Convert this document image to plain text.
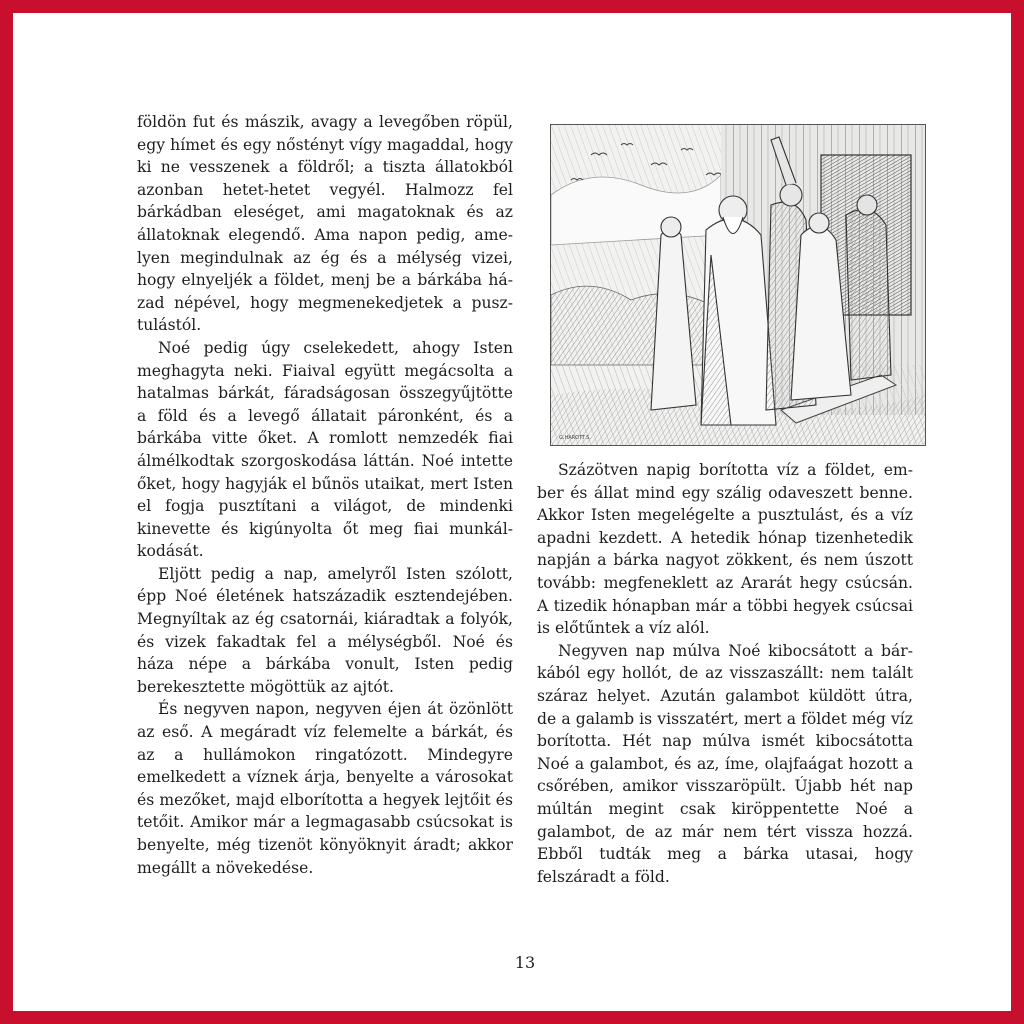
földön fut és mászik, avagy a levegőben röpül, egy hímet és egy nőstényt vígy magaddal, hogy ki ne vesszenek a földről; a tiszta állatokból azonban hetet-hetet vegyél. Halmozz fel bárkádban eleséget, ami magatoknak és az állatoknak elegendő. Ama napon pedig, amelyen megindulnak az ég és a mélység vizei, hogy elnyeljék a földet, menj be a bárkába házad népével, hogy megmenekedjetek a pusztulástól.

Noé pedig úgy cselekedett, ahogy Isten meghagyta neki. Fiaival együtt megácsolta a hatalmas bárkát, fáradságosan összegyűjtötte a föld és a levegő állatait páronként, és a bárkába vitte őket. A romlott nemzedék fiai álmélkodtak szorgoskodása láttán. Noé intette őket, hogy hagyják el bűnös utaikat, mert Isten el fogja pusztítani a világot, de mindenki kinevette és kigúnyolta őt meg fiai munkálkodását.

Eljött pedig a nap, amelyről Isten szólott, épp Noé életének hatszázadik esztendejében. Megnyíltak az ég csatornái, kiáradtak a folyók, és vizek fakadtak fel a mélységből. Noé és háza népe a bárkába vonult, Isten pedig berekesztette mögöttük az ajtót.

És negyven napon, negyven éjen át özönlött az eső. A megáradt víz felemelte a bárkát, és az a hullámokon ringatózott. Mindegyre emelkedett a víznek árja, benyelte a városokat és mezőket, majd elborította a hegyek lejtőit és tetőit. Amikor már a legmagasabb csúcsokat is benyelte, még tizenöt könyöknyit áradt; akkor megállt a növekedése.

G.HAROTT.S.

Százötven napig borította víz a földet, ember és állat mind egy szálig odaveszett benne. Akkor Isten megelégelte a pusztulást, és a víz apadni kezdett. A hetedik hónap tizenhetedik napján a bárka nagyot zökkent, és nem úszott tovább: megfeneklett az Ararát hegy csúcsán. A tizedik hónapban már a többi hegyek csúcsai is előtűntek a víz alól.

Negyven nap múlva Noé kibocsátott a bárkából egy hollót, de az visszaszállt: nem talált száraz helyet. Azután galambot küldött útra, de a galamb is visszatért, mert a földet még víz borította. Hét nap múlva ismét kibocsátotta Noé a galambot, és az, íme, olajfaágat hozott a csőrében, amikor visszaröpült. Újabb hét nap múltán megint csak kiröppentette Noé a galambot, de az már nem tért vissza hozzá. Ebből tudták meg a bárka utasai, hogy felszáradt a föld.

13
